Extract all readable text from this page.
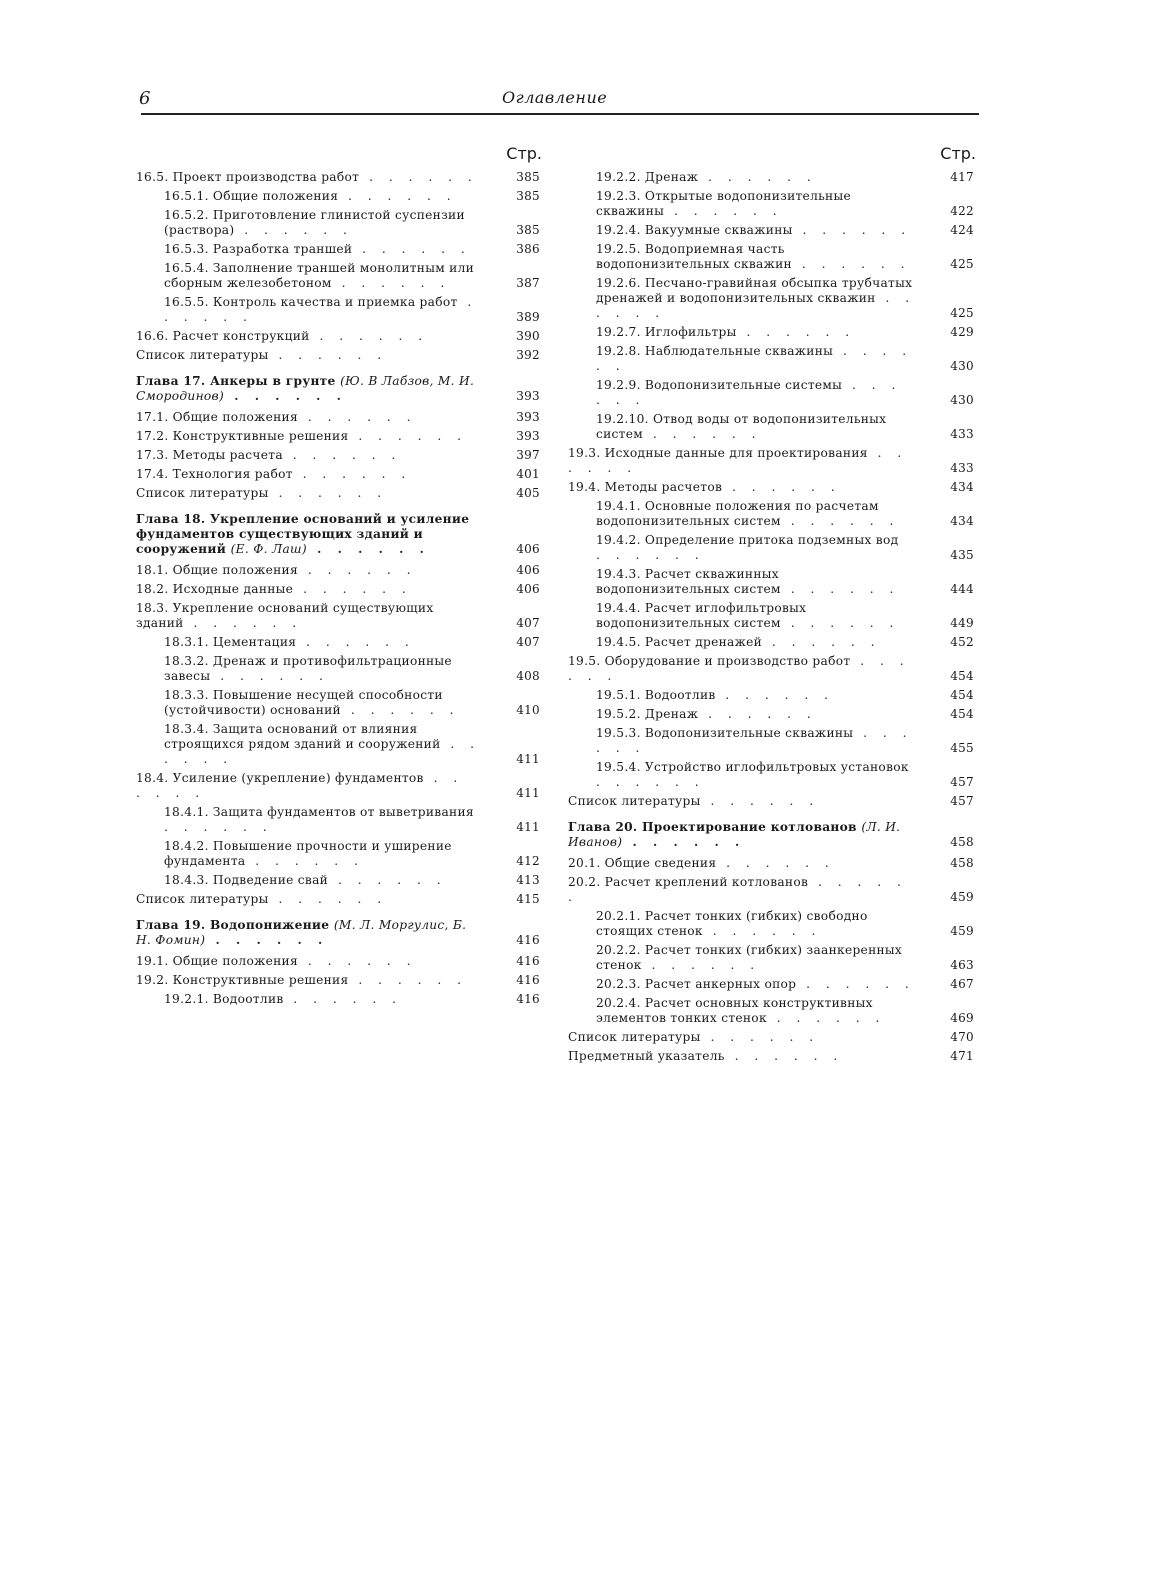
6	Оглавление
Стр.
16.5. Проект производства работ . . . . . .	385
16.5.1. Общие положения . . . . . .	385
16.5.2. Приготовление глинистой суспензии (раствора) . . . . . .	385
16.5.3. Разработка траншей . . . . . .	386
16.5.4. Заполнение траншей монолитным или сборным железобетоном . . . . . .	387
16.5.5. Контроль качества и приемка работ . . . . . .	389
16.6. Расчет конструкций . . . . . .	390
Список литературы . . . . . .	392
Глава 17. Анкеры в грунте (Ю. В Лабзов, М. И. Смородинов) . . . . . .	393
17.1. Общие положения . . . . . .	393
17.2. Конструктивные решения . . . . . .	393
17.3. Методы расчета . . . . . .	397
17.4. Технология работ . . . . . .	401
Список литературы . . . . . .	405
Глава 18. Укрепление оснований и усиление фундаментов существующих зданий и сооружений (Е. Ф. Лаш) . . . . . .	406
18.1. Общие положения . . . . . .	406
18.2. Исходные данные . . . . . .	406
18.3. Укрепление оснований существующих зданий . . . . . .	407
18.3.1. Цементация . . . . . .	407
18.3.2. Дренаж и противофильтрационные завесы . . . . . .	408
18.3.3. Повышение несущей способности (устойчивости) оснований . . . . . .	410
18.3.4. Защита оснований от влияния строящихся рядом зданий и сооружений . . . . . .	411
18.4. Усиление (укрепление) фундаментов . . . . . .	411
18.4.1. Защита фундаментов от выветривания . . . . . .	411
18.4.2. Повышение прочности и уширение фундамента . . . . . .	412
18.4.3. Подведение свай . . . . . .	413
Список литературы . . . . . .	415
Глава 19. Водопонижение (М. Л. Моргулис, Б. Н. Фомин) . . . . . .	416
19.1. Общие положения . . . . . .	416
19.2. Конструктивные решения . . . . . .	416
19.2.1. Водоотлив . . . . . .	416
Стр.
19.2.2. Дренаж . . . . . .	417
19.2.3. Открытые водопонизительные скважины . . . . . .	422
19.2.4. Вакуумные скважины . . . . . .	424
19.2.5. Водоприемная часть водопонизительных скважин . . . . . .	425
19.2.6. Песчано-гравийная обсыпка трубчатых дренажей и водопонизительных скважин . . . . . .	425
19.2.7. Иглофильтры . . . . . .	429
19.2.8. Наблюдательные скважины . . . . . .	430
19.2.9. Водопонизительные системы . . . . . .	430
19.2.10. Отвод воды от водопонизительных систем . . . . . .	433
19.3. Исходные данные для проектирования . . . . . .	433
19.4. Методы расчетов . . . . . .	434
19.4.1. Основные положения по расчетам водопонизительных систем . . . . . .	434
19.4.2. Определение притока подземных вод . . . . . .	435
19.4.3. Расчет скважинных водопонизительных систем . . . . . .	444
19.4.4. Расчет иглофильтровых водопонизительных систем . . . . . .	449
19.4.5. Расчет дренажей . . . . . .	452
19.5. Оборудование и производство работ . . . . . .	454
19.5.1. Водоотлив . . . . . .	454
19.5.2. Дренаж . . . . . .	454
19.5.3. Водопонизительные скважины . . . . . .	455
19.5.4. Устройство иглофильтровых установок . . . . . .	457
Список литературы . . . . . .	457
Глава 20. Проектирование котлованов (Л. И. Иванов) . . . . . .	458
20.1. Общие сведения . . . . . .	458
20.2. Расчет креплений котлованов . . . . . .	459
20.2.1. Расчет тонких (гибких) свободно стоящих стенок . . . . . .	459
20.2.2. Расчет тонких (гибких) заанкеренных стенок . . . . . .	463
20.2.3. Расчет анкерных опор . . . . . .	467
20.2.4. Расчет основных конструктивных элементов тонких стенок . . . . . .	469
Список литературы . . . . . .	470
Предметный указатель . . . . . .	471
